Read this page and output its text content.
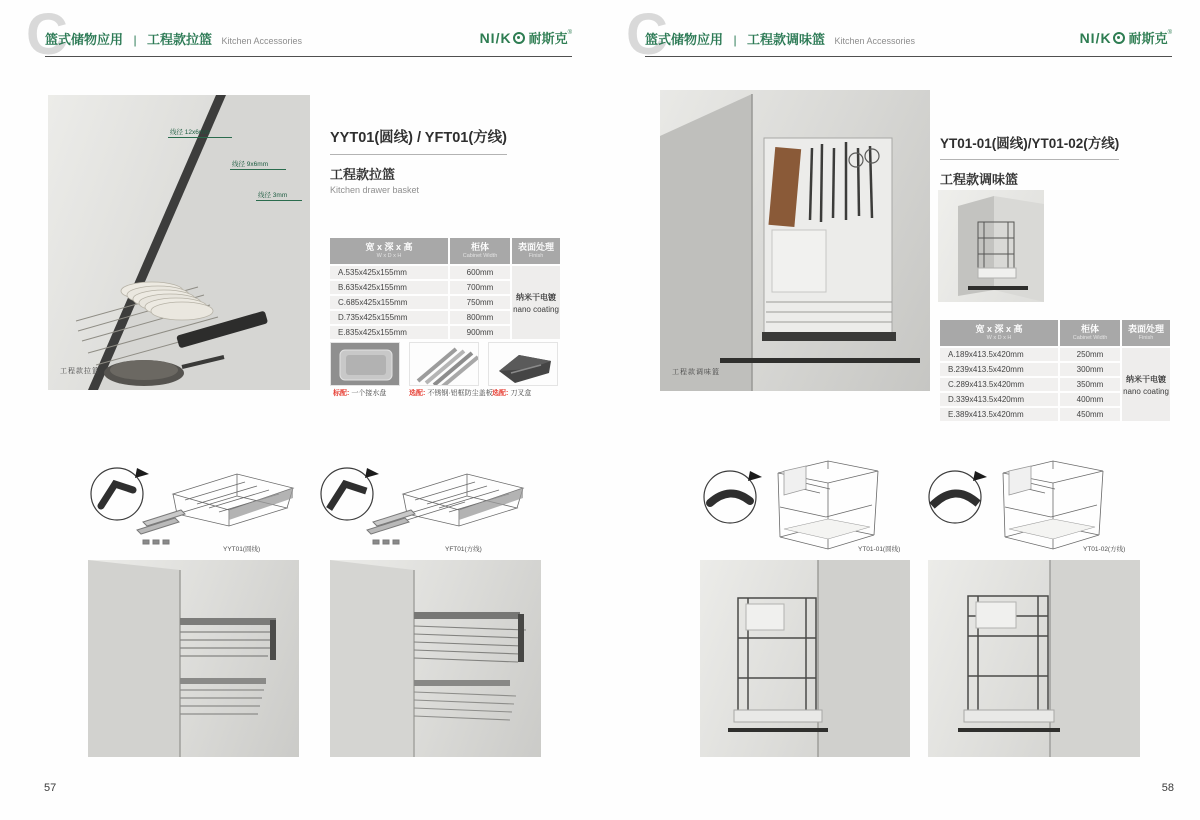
C
篮式储物应用 | 工程款拉篮 Kitchen Accessories	NI/K 耐斯克 ®
线径 12x6mm
线径 9x6mm
线径 3mm
工程款拉篮
YYT01(圆线) / YFT01(方线)
工程款拉篮
Kitchen drawer basket
宽 x 深 x 高
W x D x H
柜体
Cabinet Width
表面处理
Finish
A.535x425x155mm	600mm
纳米干电镀
nano coating
B.635x425x155mm	700mm
C.685x425x155mm	750mm
D.735x425x155mm	800mm
E.835x425x155mm	900mm
标配: 一个接水盘	选配: 不锈钢·铝框防尘盖板 选配: 刀叉盒
YYT01(圆线)	YFT01(方线)
57
C
篮式储物应用 | 工程款调味篮 Kitchen Accessories	NI/K 耐斯克 ®
工程款调味篮
YT01-01(圆线)/YT01-02(方线)
工程款调味篮
宽 x 深 x 高
W x D x H
柜体
Cabinet Width
表面处理
Finish
A.189x413.5x420mm	250mm
纳米干电镀
nano coating
B.239x413.5x420mm	300mm
C.289x413.5x420mm	350mm
D.339x413.5x420mm	400mm
E.389x413.5x420mm	450mm
YT01-01(圆线)	YT01-02(方线)
58
